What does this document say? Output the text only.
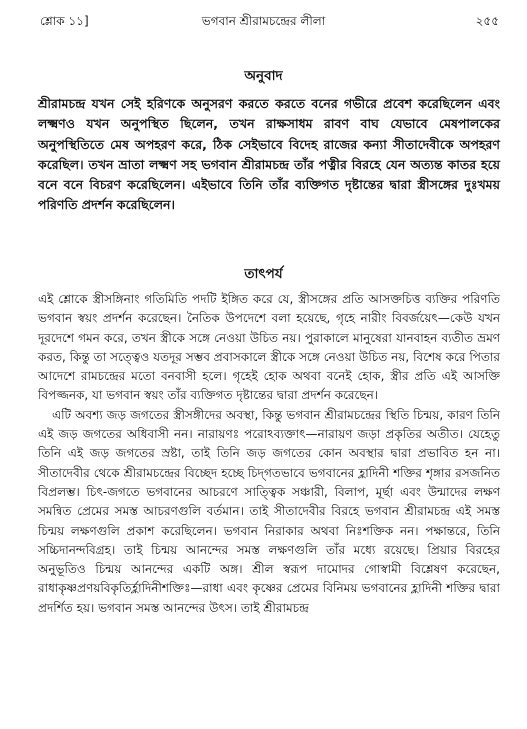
শ্লোক ১১]	ভগবান শ্রীরামচন্দ্রের লীলা	২৫৫
অনুবাদ

শ্রীরামচন্দ্র যখন সেই হরিণকে অনুসরণ করতে করতে বনের গভীরে প্রবেশ করেছিলেন এবং লক্ষ্মণও যখন অনুপস্থিত ছিলেন, তখন রাক্ষসাধম রাবণ বাঘ যেভাবে মেষপালকের অনুপস্থিতিতে মেষ অপহরণ করে, ঠিক সেইভাবে বিদেহ রাজের কন্যা সীতাদেবীকে অপহরণ করেছিল। তখন ভ্রাতা লক্ষ্মণ সহ ভগবান শ্রীরামচন্দ্র তাঁর পত্নীর বিরহে যেন অত্যন্ত কাতর হয়ে বনে বনে বিচরণ করেছিলেন। এইভাবে তিনি তাঁর ব্যক্তিগত দৃষ্টান্তের দ্বারা স্ত্রীসঙ্গের দুঃখময় পরিণতি প্রদর্শন করেছিলেন।

তাৎপর্য

এই শ্লোকে স্ত্রীসঙ্গিনাং গতিমিতি পদটি ইঙ্গিত করে যে, স্ত্রীসঙ্গের প্রতি আসক্তচিত্ত ব্যক্তির পরিণতি ভগবান স্বয়ং প্রদর্শন করেছেন। নৈতিক উপদেশে বলা হয়েছে, গৃহে নারীং বিবর্জয়েৎ—কেউ যখন দূরদেশে গমন করে, তখন স্ত্রীকে সঙ্গে নেওয়া উচিত নয়। পুরাকালে মানুষেরা যানবাহন ব্যতীত ভ্রমণ করত, কিন্তু তা সত্ত্বেও যতদূর সম্ভব প্রবাসকালে স্ত্রীকে সঙ্গে নেওয়া উচিত নয়, বিশেষ করে পিতার আদেশে রামচন্দ্রের মতো বনবাসী হলে। গৃহেই হোক অথবা বনেই হোক, স্ত্রীর প্রতি এই আসক্তি বিপজ্জনক, যা ভগবান স্বয়ং তাঁর ব্যক্তিগত দৃষ্টান্তের দ্বারা প্রদর্শন করেছেন।

এটি অবশ্য জড় জগতের স্ত্রীসঙ্গীদের অবস্থা, কিন্তু ভগবান শ্রীরামচন্দ্রের স্থিতি চিন্ময়, কারণ তিনি এই জড় জগতের অধিবাসী নন। নারায়ণঃ পরোঽব্যক্তাৎ—নারায়ণ জড়া প্রকৃতির অতীত। যেহেতু তিনি এই জড় জগতের স্রষ্টা, তাই তিনি জড় জগতের কোন অবস্থার দ্বারা প্রভাবিত হন না। সীতাদেবীর থেকে শ্রীরামচন্দ্রের বিচ্ছেদ হচ্ছে চিদ্‌গতভাবে ভগবানের হ্লাদিনী শক্তির শৃঙ্গার রসজনিত বিপ্রলম্ভ। চিৎ-জগতে ভগবানের আচরণে সাত্ত্বিক সঞ্চারী, বিলাপ, মূর্ছা এবং উন্মাদের লক্ষণ সমন্বিত প্রেমের সমস্ত আচরণগুলি বর্তমান। তাই সীতাদেবীর বিরহে ভগবান শ্রীরামচন্দ্র এই সমস্ত চিন্ময় লক্ষণগুলি প্রকাশ করেছিলেন। ভগবান নিরাকার অথবা নিঃশক্তিক নন। পক্ষান্তরে, তিনি সচ্চিদানন্দবিগ্রহ। তাই চিন্ময় আনন্দের সমস্ত লক্ষণগুলি তাঁর মধ্যে রয়েছে। প্রিয়ার বিরহের অনুভূতিও চিন্ময় আনন্দের একটি অঙ্গ। শ্রীল স্বরূপ দামোদর গোস্বামী বিশ্লেষণ করেছেন, রাধাকৃষ্ণপ্রণয়বিকৃতির্হ্লাদিনীশক্তিঃ—রাধা এবং কৃষ্ণের প্রেমের বিনিময় ভগবানের হ্লাদিনী শক্তির দ্বারা প্রদর্শিত হয়। ভগবান সমস্ত আনন্দের উৎস। তাই শ্রীরামচন্দ্র
